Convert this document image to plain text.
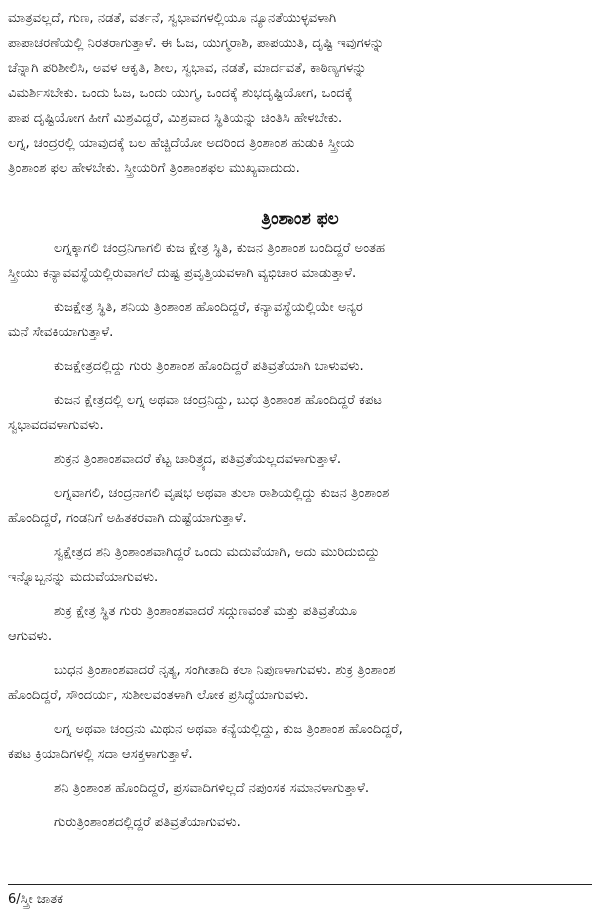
ಮಾತ್ರವಲ್ಲದೆ, ಗುಣ, ನಡತೆ, ವರ್ತನೆ, ಸ್ವಭಾವಗಳಲ್ಲಿಯೂ ನ್ಯೂನತೆಯುಳ್ಳವಳಾಗಿ
ಪಾಪಾಚರಣೆಯಲ್ಲಿ ನಿರತರಾಗುತ್ತಾಳೆ. ಈ ಓಜ, ಯುಗ್ಮರಾಶಿ, ಪಾಪಯುತಿ, ದೃಷ್ಟಿ ಇವುಗಳನ್ನು
ಚೆನ್ನಾಗಿ ಪರಿಶೀಲಿಸಿ, ಅವಳ ಆಕೃತಿ, ಶೀಲ, ಸ್ವಭಾವ, ನಡತೆ, ಮಾರ್ದವತೆ, ಕಾಠಿಣ್ಯಗಳನ್ನು
ವಿಮರ್ಶಿಸಬೇಕು. ಒಂದು ಓಜ, ಒಂದು ಯುಗ್ಮ, ಒಂದಕ್ಕೆ ಶುಭದೃಷ್ಟಿಯೋಗ, ಒಂದಕ್ಕೆ
ಪಾಪ ದೃಷ್ಟಿಯೋಗ ಹೀಗೆ ಮಿಶ್ರವಿದ್ದರೆ, ಮಿಶ್ರವಾದ ಸ್ಥಿತಿಯನ್ನು ಚಿಂತಿಸಿ ಹೇಳಬೇಕು.
ಲಗ್ನ, ಚಂದ್ರರಲ್ಲಿ ಯಾವುದಕ್ಕೆ ಬಲ ಹೆಚ್ಚಿದೆಯೋ ಅದರಿಂದ ತ್ರಿಂಶಾಂಶ ಹುಡುಕಿ ಸ್ತ್ರೀಯ
ತ್ರಿಂಶಾಂಶ ಫಲ ಹೇಳಬೇಕು. ಸ್ತ್ರೀಯರಿಗೆ ತ್ರಿಂಶಾಂಶಫಲ ಮುಖ್ಯವಾದುದು.
ತ್ರಿಂಶಾಂಶ ಫಲ
ಲಗ್ನಕ್ಕಾಗಲಿ ಚಂದ್ರನಿಗಾಗಲಿ ಕುಜ ಕ್ಷೇತ್ರ ಸ್ಥಿತಿ, ಕುಜನ ತ್ರಿಂಶಾಂಶ ಬಂದಿದ್ದರೆ ಅಂತಹ
ಸ್ತ್ರೀಯು ಕನ್ಯಾವವಸ್ಥೆಯಲ್ಲಿರುವಾಗಲೆ ದುಷ್ಟ ಪ್ರವೃತ್ತಿಯವಳಾಗಿ ವ್ಯಭಿಚಾರ ಮಾಡುತ್ತಾಳೆ.
ಕುಜಕ್ಷೇತ್ರ ಸ್ಥಿತಿ, ಶನಿಯ ತ್ರಿಂಶಾಂಶ ಹೊಂದಿದ್ದರೆ, ಕನ್ಯಾವಸ್ಥೆಯಲ್ಲಿಯೇ ಅನ್ಯರ
ಮನೆ ಸೇವಕಿಯಾಗುತ್ತಾಳೆ.
ಕುಜಕ್ಷೇತ್ರದಲ್ಲಿದ್ದು ಗುರು ತ್ರಿಂಶಾಂಶ ಹೊಂದಿದ್ದರೆ ಪತಿವ್ರತೆಯಾಗಿ ಬಾಳುವಳು.
ಕುಜನ ಕ್ಷೇತ್ರದಲ್ಲಿ ಲಗ್ನ ಅಥವಾ ಚಂದ್ರನಿದ್ದು, ಬುಧ ತ್ರಿಂಶಾಂಶ ಹೊಂದಿದ್ದರೆ ಕಪಟ
ಸ್ವಭಾವದವಳಾಗುವಳು.
ಶುಕ್ರನ ತ್ರಿಂಶಾಂಶವಾದರೆ ಕೆಟ್ಟ ಚಾರಿತ್ರ್ಯದ, ಪತಿವ್ರತೆಯಲ್ಲದವಳಾಗುತ್ತಾಳೆ.
ಲಗ್ನವಾಗಲಿ, ಚಂದ್ರನಾಗಲಿ ವೃಷಭ ಅಥವಾ ತುಲಾ ರಾಶಿಯಲ್ಲಿದ್ದು ಕುಜನ ತ್ರಿಂಶಾಂಶ
ಹೊಂದಿದ್ದರೆ, ಗಂಡನಿಗೆ ಅಹಿತಕರವಾಗಿ ದುಷ್ಟೆಯಾಗುತ್ತಾಳೆ.
ಸ್ವಕ್ಷೇತ್ರದ ಶನಿ ತ್ರಿಂಶಾಂಶವಾಗಿದ್ದರೆ ಒಂದು ಮದುವೆಯಾಗಿ, ಅದು ಮುರಿದುಬಿದ್ದು
ಇನ್ನೊಬ್ಬನನ್ನು ಮದುವೆಯಾಗುವಳು.
ಶುಕ್ರ ಕ್ಷೇತ್ರ ಸ್ಥಿತ ಗುರು ತ್ರಿಂಶಾಂಶವಾದರೆ ಸದ್ಗುಣವಂತೆ ಮತ್ತು ಪತಿವ್ರತೆಯೂ
ಆಗುವಳು.
ಬುಧನ ತ್ರಿಂಶಾಂಶವಾದರೆ ನೃತ್ಯ, ಸಂಗೀತಾದಿ ಕಲಾ ನಿಪುಣಳಾಗುವಳು. ಶುಕ್ರ ತ್ರಿಂಶಾಂಶ
ಹೊಂದಿದ್ದರೆ, ಸೌಂದರ್ಯ, ಸುಶೀಲವಂತಳಾಗಿ ಲೋಕ ಪ್ರಸಿದ್ಧೆಯಾಗುವಳು.
ಲಗ್ನ ಅಥವಾ ಚಂದ್ರನು ಮಿಥುನ ಅಥವಾ ಕನ್ಯೆಯಲ್ಲಿದ್ದು, ಕುಜ ತ್ರಿಂಶಾಂಶ ಹೊಂದಿದ್ದರೆ,
ಕಪಟ ಕ್ರಿಯಾದಿಗಳಲ್ಲಿ ಸದಾ ಆಸಕ್ತಳಾಗುತ್ತಾಳೆ.
ಶನಿ ತ್ರಿಂಶಾಂಶ ಹೊಂದಿದ್ದರೆ, ಪ್ರಸವಾದಿಗಳಿಲ್ಲದೆ ನಪುಂಸಕ ಸಮಾನಳಾಗುತ್ತಾಳೆ.
ಗುರುತ್ರಿಂಶಾಂಶದಲ್ಲಿದ್ದರೆ ಪತಿವ್ರತೆಯಾಗುವಳು.
6/ಸ್ತ್ರೀ ಜಾತಕ
